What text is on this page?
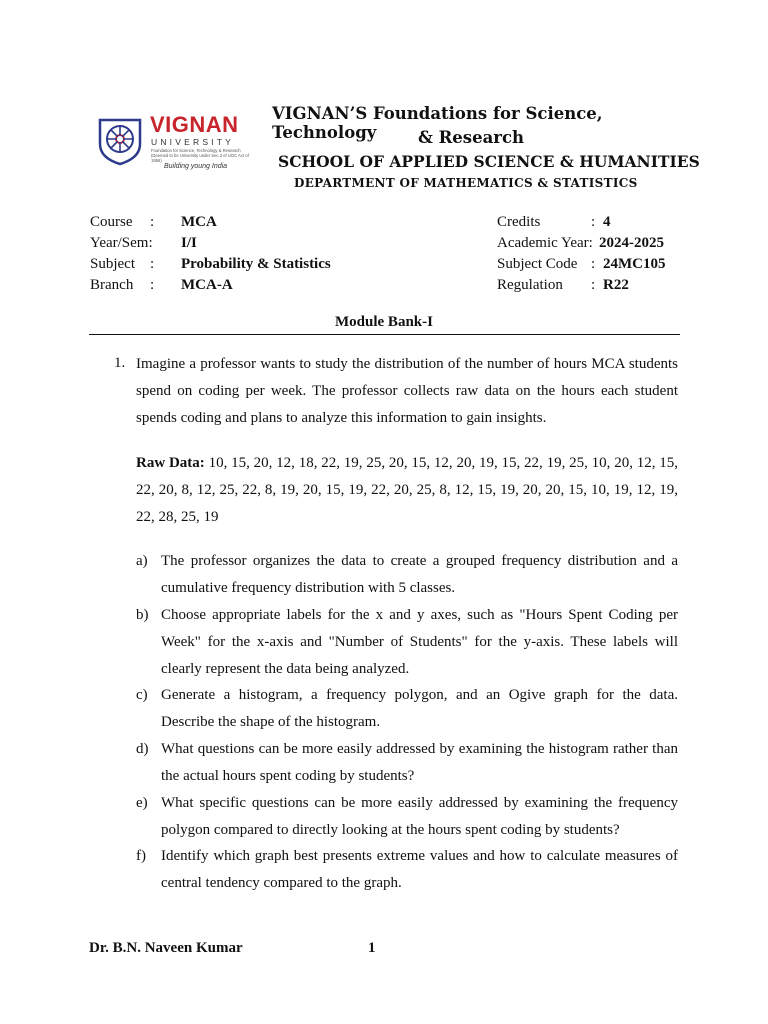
VIGNAN
UNIVERSITY
Foundation for Science, Technology & Research (Deemed to be University under Sec.3 of UGC Act of 1956)
Building young India
VIGNAN’S Foundations for Science, Technology	& Research
SCHOOL OF APPLIED SCIENCE & HUMANITIES
DEPARTMENT OF MATHEMATICS & STATISTICS
Course : MCA
Year/Sem: I/I
Subject : Probability & Statistics
Branch : MCA-A
Credits	: 4
Academic Year: 2024-2025
Subject Code : 24MC105
Regulation : R22
Module Bank-I
1. Imagine a professor wants to study the distribution of the number of hours MCA students spend on coding per week. The professor collects raw data on the hours each student spends coding and plans to analyze this information to gain insights.
Raw Data: 10, 15, 20, 12, 18, 22, 19, 25, 20, 15, 12, 20, 19, 15, 22, 19, 25, 10, 20, 12, 15, 22, 20, 8, 12, 25, 22, 8, 19, 20, 15, 19, 22, 20, 25, 8, 12, 15, 19, 20, 20, 15, 10, 19, 12, 19, 22, 28, 25, 19
a) The professor organizes the data to create a grouped frequency distribution and a cumulative frequency distribution with 5 classes.
b) Choose appropriate labels for the x and y axes, such as "Hours Spent Coding per Week" for the x-axis and "Number of Students" for the y-axis. These labels will clearly represent the data being analyzed.
c) Generate a histogram, a frequency polygon, and an Ogive graph for the data. Describe the shape of the histogram.
d) What questions can be more easily addressed by examining the histogram rather than the actual hours spent coding by students?
e) What specific questions can be more easily addressed by examining the frequency polygon compared to directly looking at the hours spent coding by students?
f) Identify which graph best presents extreme values and how to calculate measures of central tendency compared to the graph.
Dr. B.N. Naveen Kumar	1
